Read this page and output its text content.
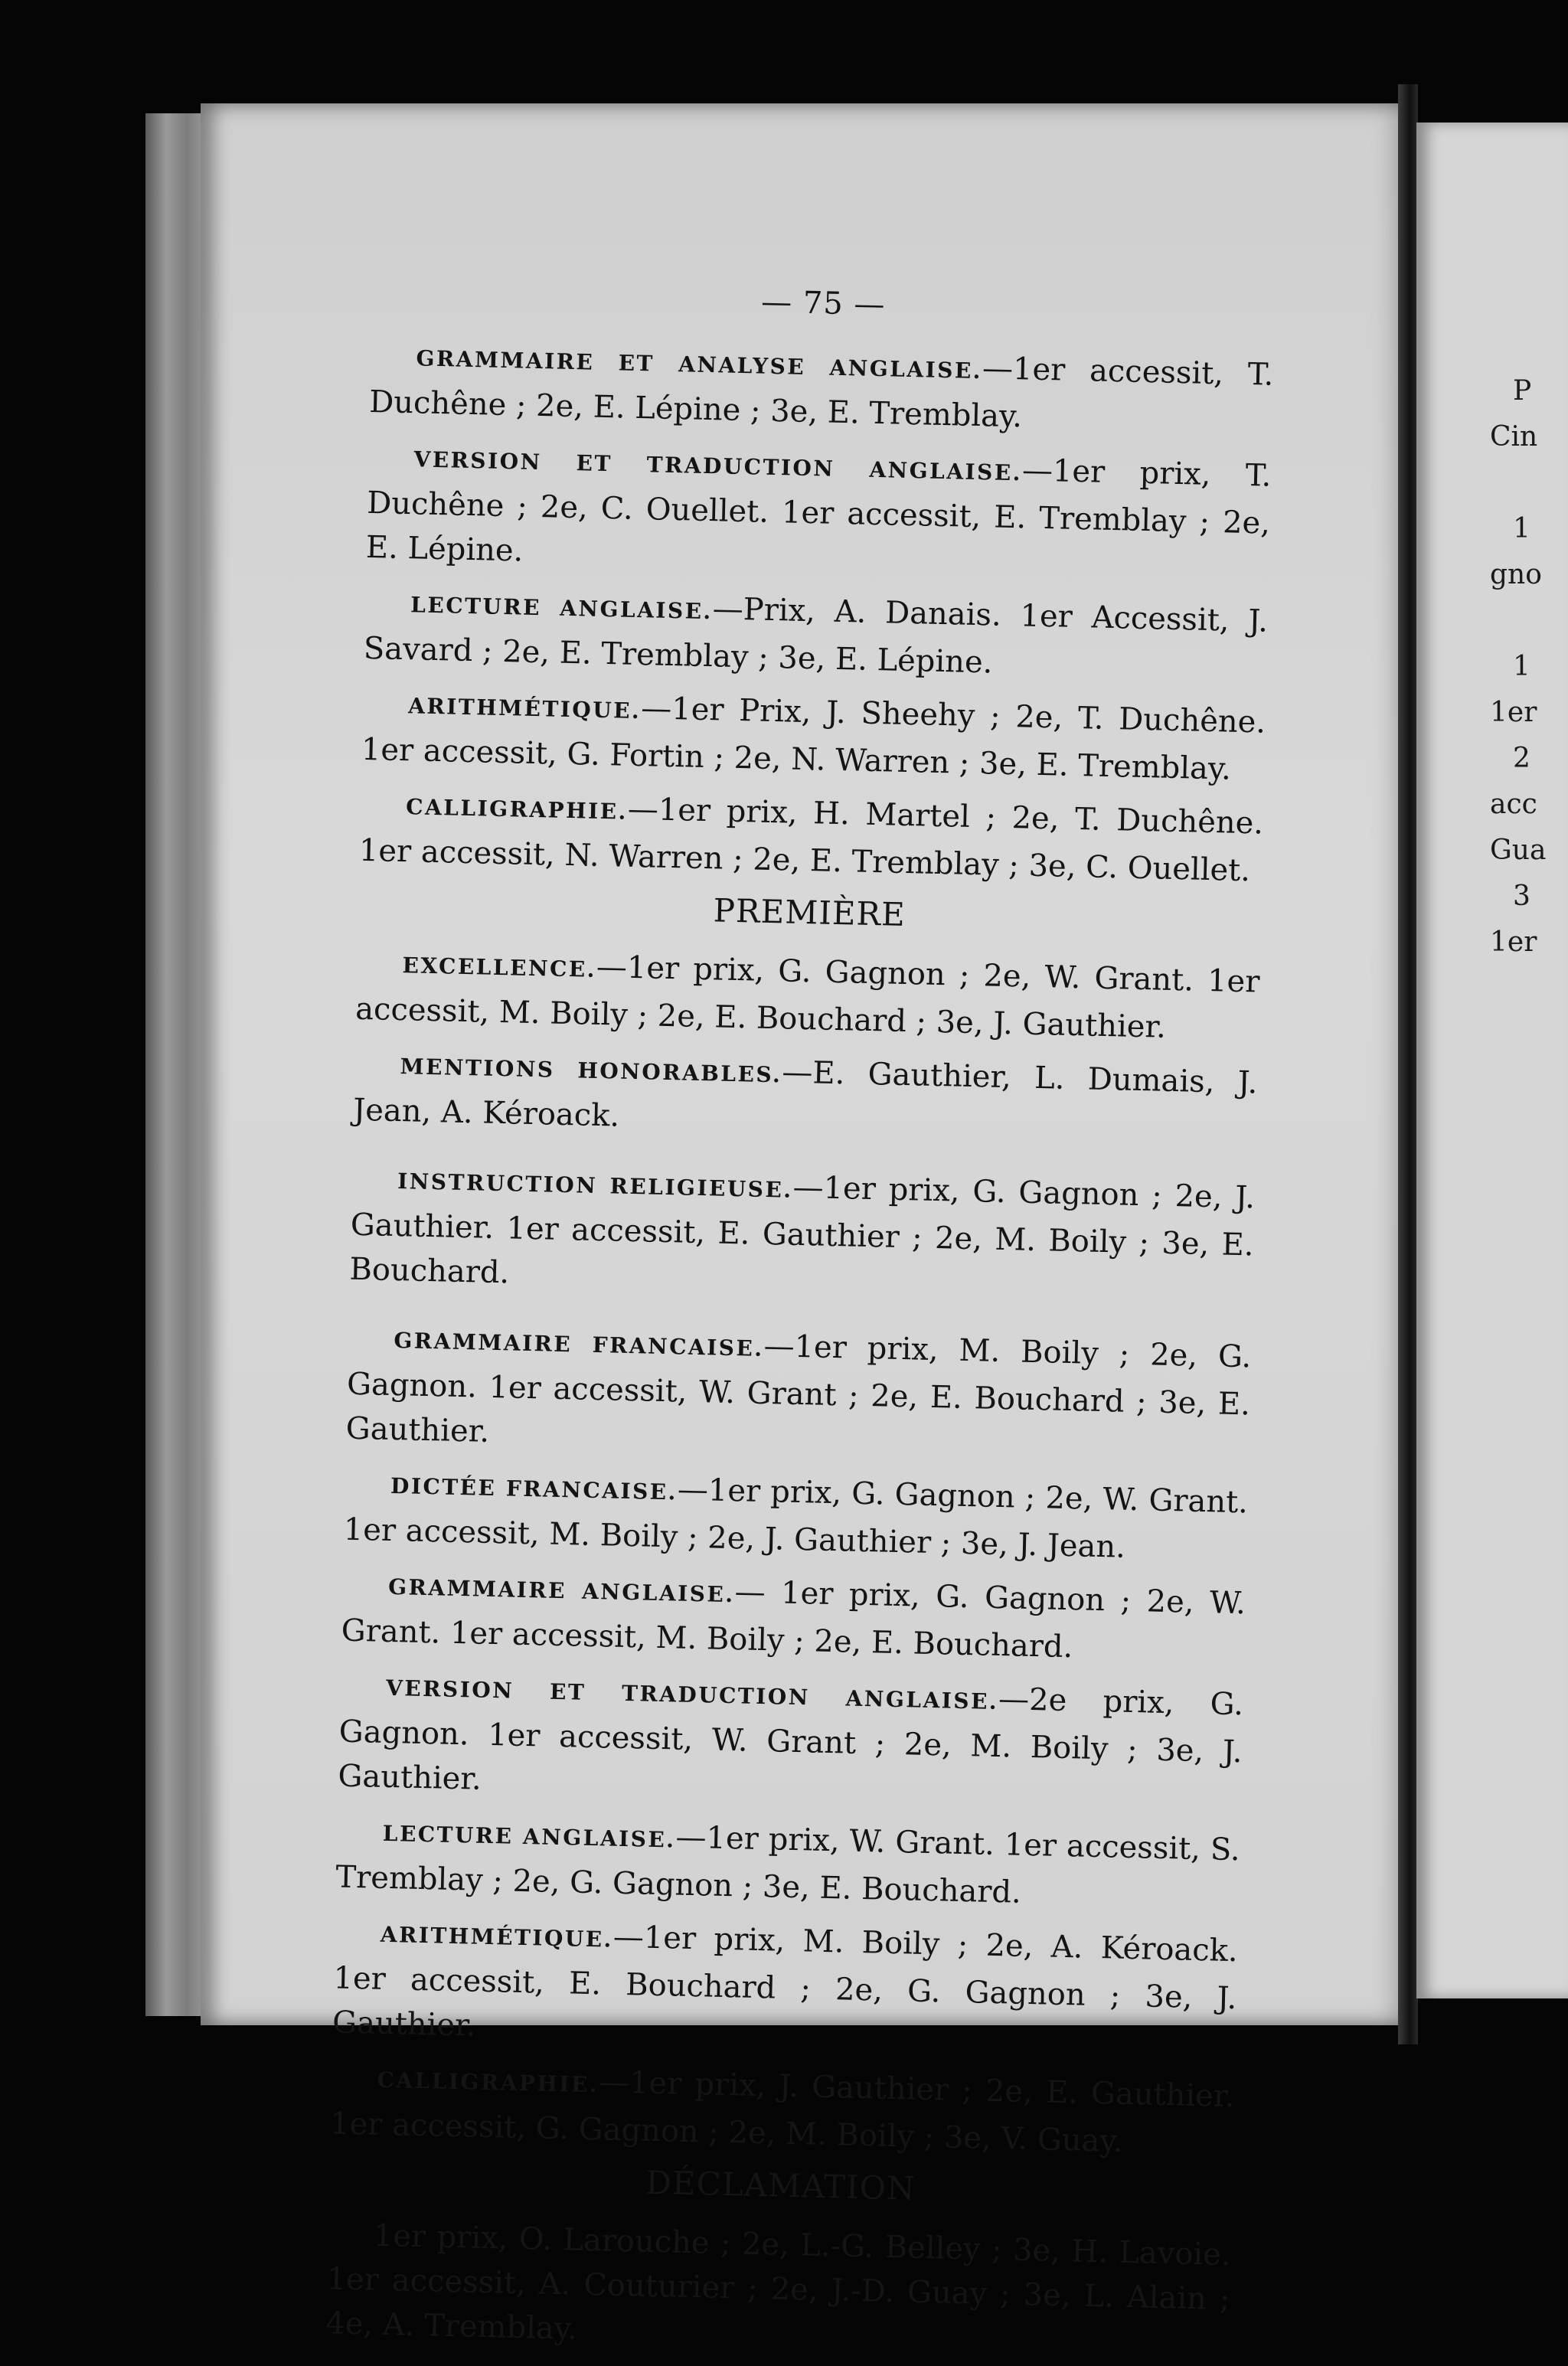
P
Cin
1
gno
1
1er
2
acc
Gua
3
1er
— 75 —

GRAMMAIRE ET ANALYSE ANGLAISE.—1er accessit, T. Duchêne ; 2e, E. Lépine ; 3e, E. Tremblay.

VERSION ET TRADUCTION ANGLAISE.—1er prix, T. Duchêne ; 2e, C. Ouellet. 1er accessit, E. Tremblay ; 2e, E. Lépine.

LECTURE ANGLAISE.—Prix, A. Danais. 1er Accessit, J. Savard ; 2e, E. Tremblay ; 3e, E. Lépine.

ARITHMÉTIQUE.—1er Prix, J. Sheehy ; 2e, T. Duchêne. 1er accessit, G. Fortin ; 2e, N. Warren ; 3e, E. Tremblay.

CALLIGRAPHIE.—1er prix, H. Martel ; 2e, T. Duchêne. 1er accessit, N. Warren ; 2e, E. Tremblay ; 3e, C. Ouellet.

PREMIÈRE

EXCELLENCE.—1er prix, G. Gagnon ; 2e, W. Grant. 1er accessit, M. Boily ; 2e, E. Bouchard ; 3e, J. Gauthier.

MENTIONS HONORABLES.—E. Gauthier, L. Dumais, J. Jean, A. Kéroack.

INSTRUCTION RELIGIEUSE.—1er prix, G. Gagnon ; 2e, J. Gauthier. 1er accessit, E. Gauthier ; 2e, M. Boily ; 3e, E. Bouchard.

GRAMMAIRE FRANCAISE.—1er prix, M. Boily ; 2e, G. Gagnon. 1er accessit, W. Grant ; 2e, E. Bouchard ; 3e, E. Gauthier.

DICTÉE FRANCAISE.—1er prix, G. Gagnon ; 2e, W. Grant. 1er accessit, M. Boily ; 2e, J. Gauthier ; 3e, J. Jean.

GRAMMAIRE ANGLAISE.— 1er prix, G. Gagnon ; 2e, W. Grant. 1er accessit, M. Boily ; 2e, E. Bouchard.

VERSION ET TRADUCTION ANGLAISE.—2e prix, G. Gagnon. 1er accessit, W. Grant ; 2e, M. Boily ; 3e, J. Gauthier.

LECTURE ANGLAISE.—1er prix, W. Grant. 1er accessit, S. Tremblay ; 2e, G. Gagnon ; 3e, E. Bouchard.

ARITHMÉTIQUE.—1er prix, M. Boily ; 2e, A. Kéroack. 1er accessit, E. Bouchard ; 2e, G. Gagnon ; 3e, J. Gauthier.

CALLIGRAPHIE.—1er prix, J. Gauthier ; 2e, E. Gauthier. 1er accessit, G. Gagnon ; 2e, M. Boily ; 3e, V. Guay.

DÉCLAMATION

1er prix, O. Larouche ; 2e, L.-G. Belley ; 3e, H. Lavoie. 1er accessit, A. Couturier ; 2e, J.-D. Guay ; 3e, L. Alain ; 4e, A. Tremblay.
